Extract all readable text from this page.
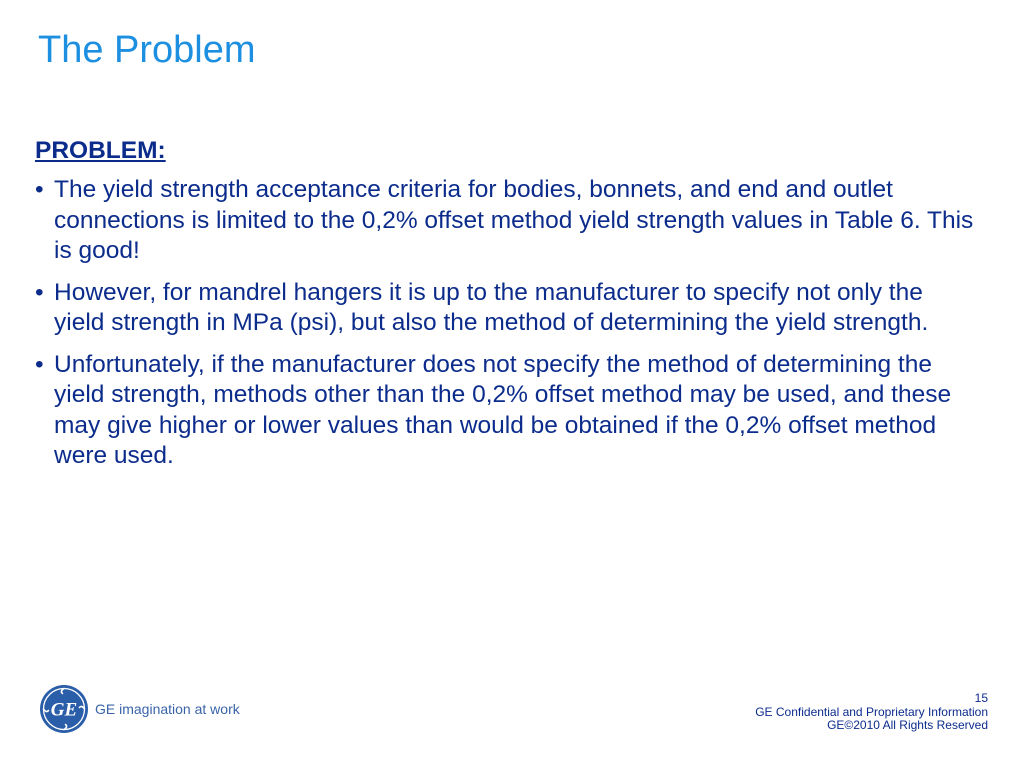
The Problem
PROBLEM:
• The yield strength acceptance criteria for bodies, bonnets, and end and outlet connections is limited to the 0,2% offset method yield strength values in Table 6. This is good!
• However, for mandrel hangers it is up to the manufacturer to specify not only the yield strength in MPa (psi), but also the method of determining the yield strength.
• Unfortunately, if the manufacturer does not specify the method of determining the yield strength, methods other than the 0,2% offset method may be used, and these may give higher or lower values than would be obtained if the 0,2% offset method were used.
GE GE imagination at work
15
GE Confidential and Proprietary Information
GE©2010 All Rights Reserved
